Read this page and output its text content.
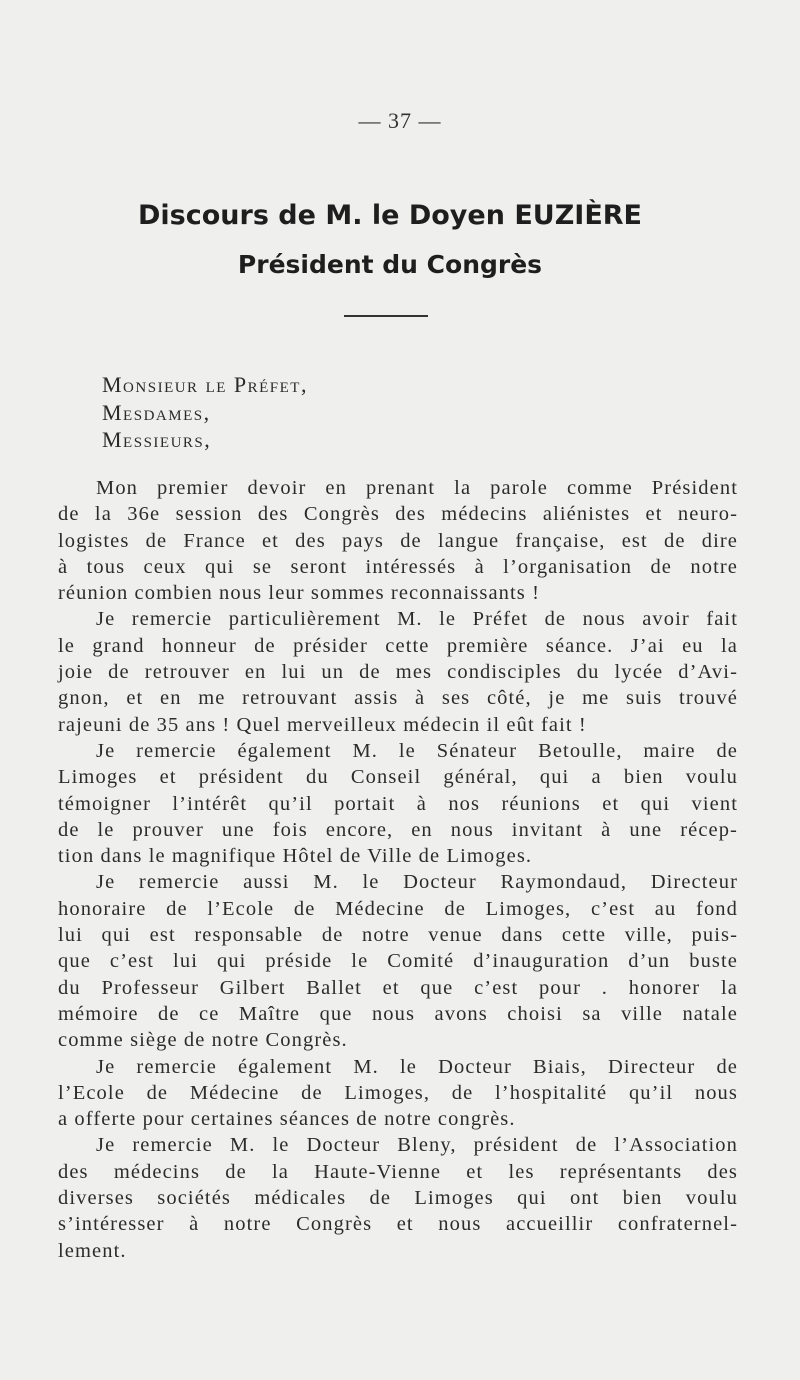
— 37 —
Discours de M. le Doyen EUZIÈRE
Président du Congrès
Monsieur le Préfet,
Mesdames,
Messieurs,
Mon premier devoir en prenant la parole comme Président
de la 36e session des Congrès des médecins aliénistes et neuro-
logistes de France et des pays de langue française, est de dire
à tous ceux qui se seront intéressés à l’organisation de notre
réunion combien nous leur sommes reconnaissants !
Je remercie particulièrement M. le Préfet de nous avoir fait
le grand honneur de présider cette première séance. J’ai eu la
joie de retrouver en lui un de mes condisciples du lycée d’Avi-
gnon, et en me retrouvant assis à ses côté, je me suis trouvé
rajeuni de 35 ans ! Quel merveilleux médecin il eût fait !
Je remercie également M. le Sénateur Betoulle, maire de
Limoges et président du Conseil général, qui a bien voulu
témoigner l’intérêt qu’il portait à nos réunions et qui vient
de le prouver une fois encore, en nous invitant à une récep-
tion dans le magnifique Hôtel de Ville de Limoges.
Je remercie aussi M. le Docteur Raymondaud, Directeur
honoraire de l’Ecole de Médecine de Limoges, c’est au fond
lui qui est responsable de notre venue dans cette ville, puis-
que c’est lui qui préside le Comité d’inauguration d’un buste
du Professeur Gilbert Ballet et que c’est pour . honorer la
mémoire de ce Maître que nous avons choisi sa ville natale
comme siège de notre Congrès.
Je remercie également M. le Docteur Biais, Directeur de
l’Ecole de Médecine de Limoges, de l’hospitalité qu’il nous
a offerte pour certaines séances de notre congrès.
Je remercie M. le Docteur Bleny, président de l’Association
des médecins de la Haute-Vienne et les représentants des
diverses sociétés médicales de Limoges qui ont bien voulu
s’intéresser à notre Congrès et nous accueillir confraternel-
lement.
